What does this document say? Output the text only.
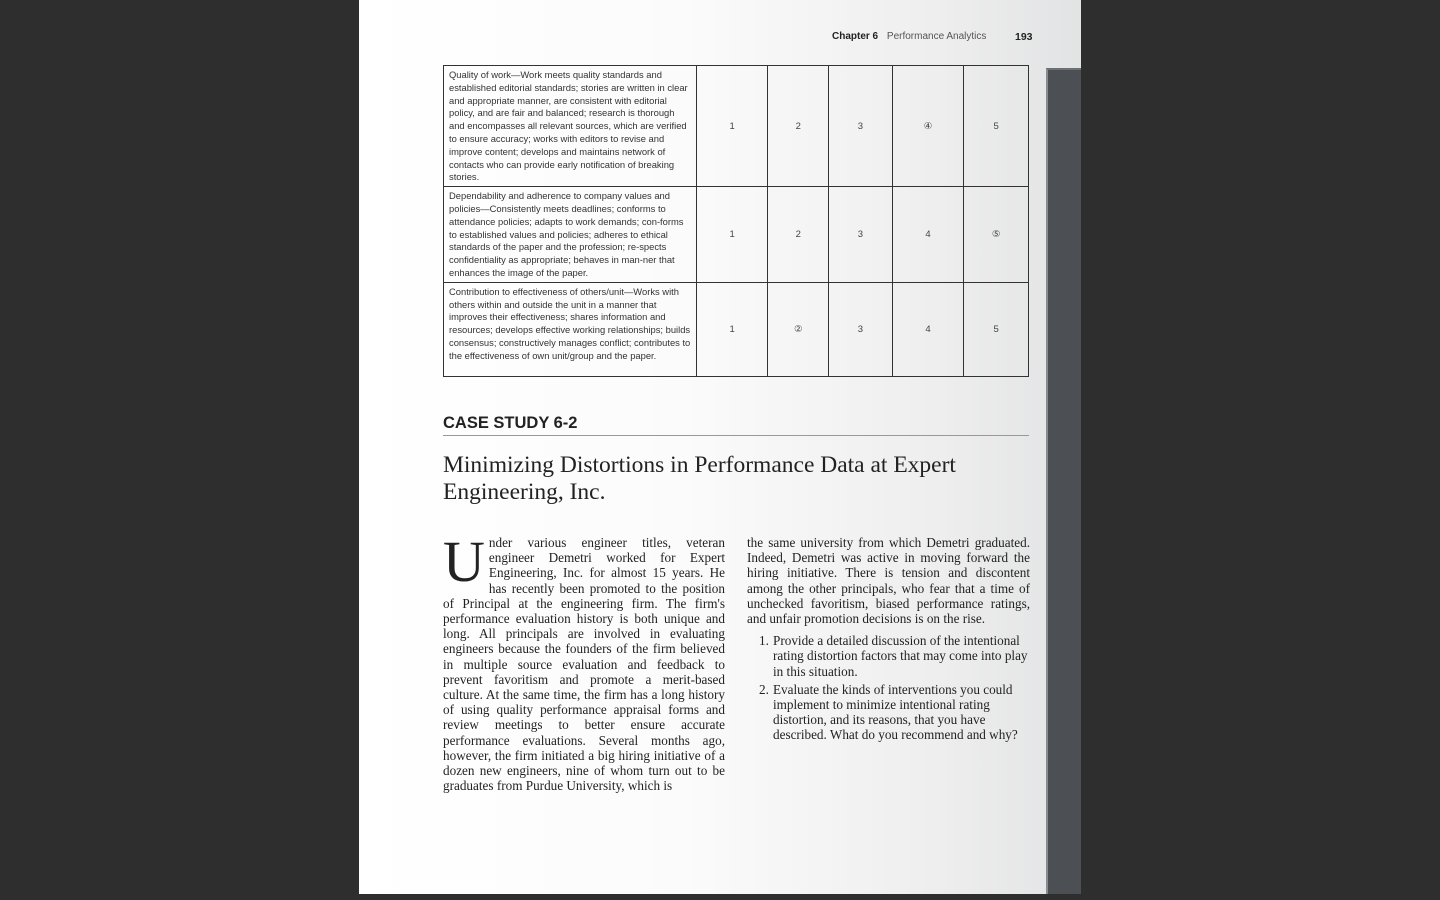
Chapter 6 Performance Analytics	193
Quality of work—Work meets quality standards and established editorial standards; stories are written in clear and appropriate manner, are consistent with editorial policy, and are fair and balanced; research is thorough and encompasses all relevant sources, which are verified to ensure accuracy; works with editors to revise and improve content; develops and maintains network of contacts who can provide early notification of breaking stories.	1	2	3	④	5
Dependability and adherence to company values and policies—Consistently meets deadlines; conforms to attendance policies; adapts to work demands; con-forms to established values and policies; adheres to ethical standards of the paper and the profession; re-spects confidentiality as appropriate; behaves in man-ner that enhances the image of the paper.	1	2	3	4	⑤
Contribution to effectiveness of others/unit—Works with others within and outside the unit in a manner that improves their effectiveness; shares information and resources; develops effective working relationships; builds consensus; constructively manages conflict; contributes to the effectiveness of own unit/group and the paper.	1	②	3	4	5
CASE STUDY 6-2
Minimizing Distortions in Performance Data at Expert Engineering, Inc.
U nder various engineer titles, veteran engineer Demetri worked for Expert Engineering, Inc. for almost 15 years. He has recently been promoted to the position of Principal at the engineering firm. The firm's performance evaluation history is both unique and long. All principals are involved in evaluating engineers because the founders of the firm believed in multiple source evaluation and feedback to prevent favoritism and promote a merit-based culture. At the same time, the firm has a long history of using quality performance appraisal forms and review meetings to better ensure accurate performance evaluations. Several months ago, however, the firm initiated a big hiring initiative of a dozen new engineers, nine of whom turn out to be graduates from Purdue University, which is
the same university from which Demetri graduated. Indeed, Demetri was active in moving forward the hiring initiative. There is tension and discontent among the other principals, who fear that a time of unchecked favoritism, biased performance ratings, and unfair promotion decisions is on the rise.
1. Provide a detailed discussion of the intentional rating distortion factors that may come into play in this situation.
2. Evaluate the kinds of interventions you could implement to minimize intentional rating distortion, and its reasons, that you have described. What do you recommend and why?
